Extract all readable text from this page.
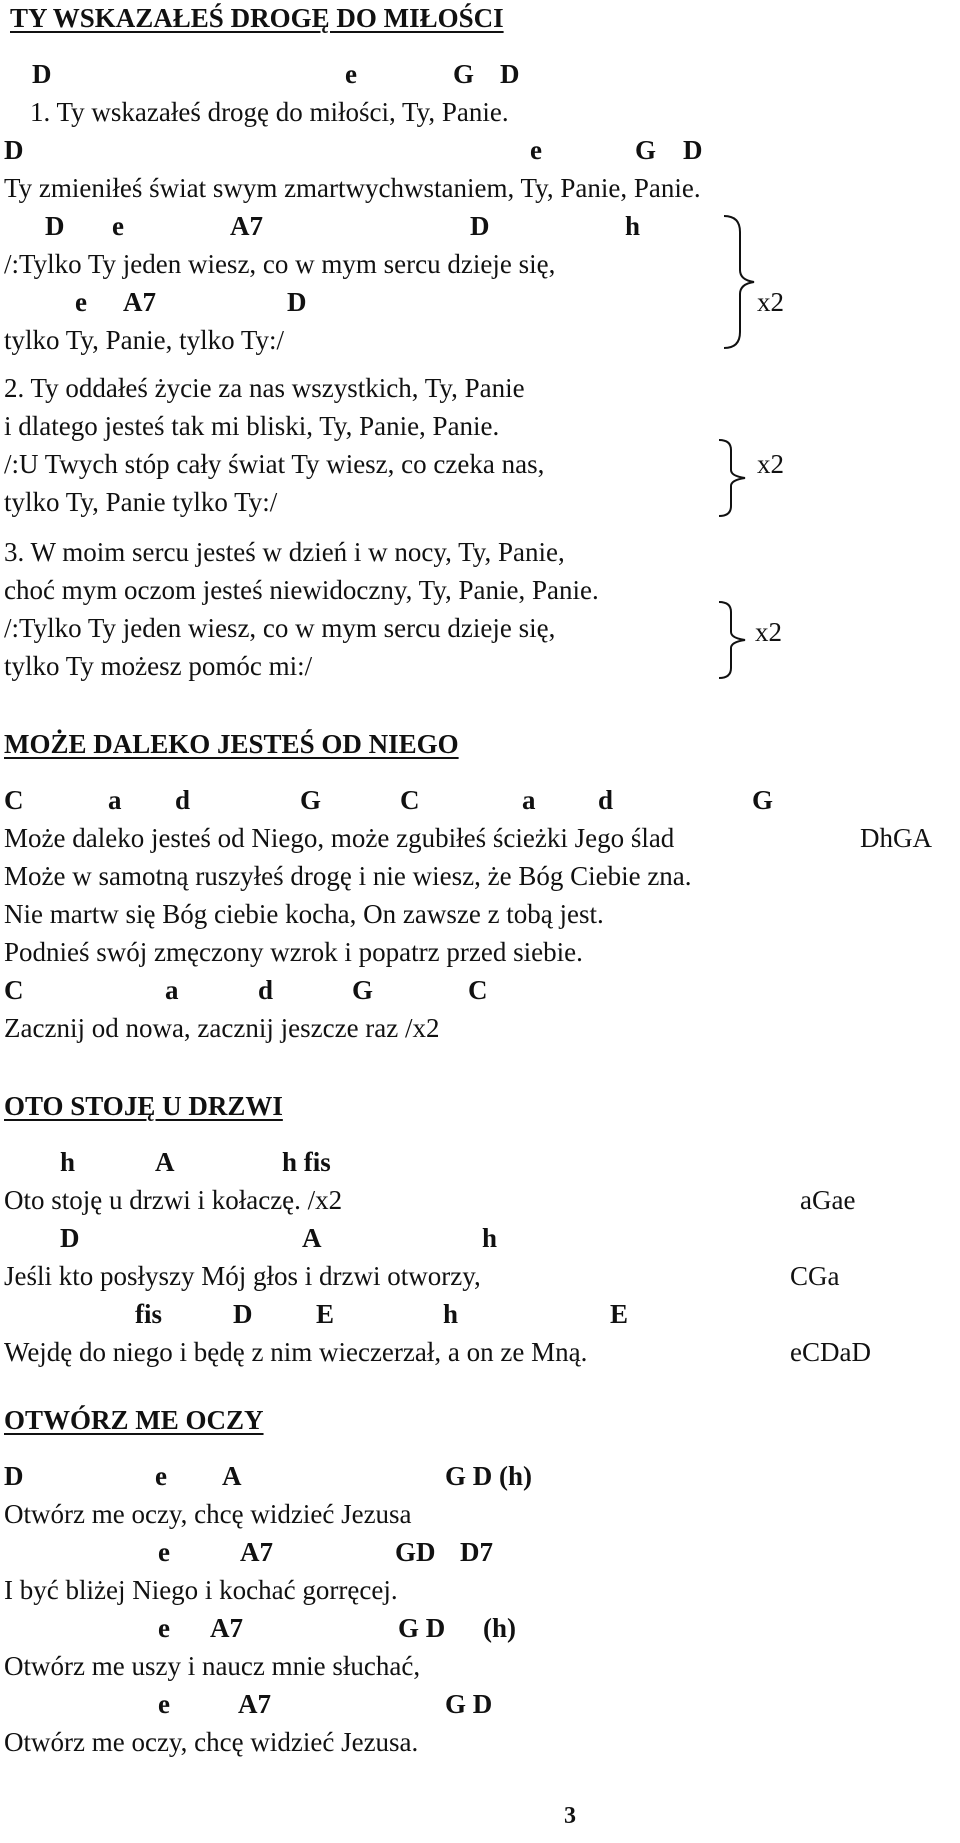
TY WSKAZAŁEŚ DROGĘ DO MIŁOŚCI
D	e	G D
1. Ty wskazałeś drogę do miłości, Ty, Panie.
D	e	G D
Ty zmieniłeś świat swym zmartwychwstaniem, Ty, Panie, Panie.
D e	A7	D	h
/:Tylko Ty jeden wiesz, co w mym sercu dzieje się,
e A7	D
tylko Ty, Panie, tylko Ty:/
x2
2. Ty oddałeś życie za nas wszystkich, Ty, Panie
i dlatego jesteś tak mi bliski, Ty, Panie, Panie.
/:U Twych stóp cały świat Ty wiesz, co czeka nas,
tylko Ty, Panie tylko Ty:/
x2
3. W moim sercu jesteś w dzień i w nocy, Ty, Panie,
choć mym oczom jesteś niewidoczny, Ty, Panie, Panie.
/:Tylko Ty jeden wiesz, co w mym sercu dzieje się,
tylko Ty możesz pomóc mi:/
x2
MOŻE DALEKO JESTEŚ OD NIEGO
C	a d	G	C	a d	G
Może daleko jesteś od Niego, może zgubiłeś ścieżki Jego ślad	DhGA
Może w samotną ruszyłeś drogę i nie wiesz, że Bóg Ciebie zna.
Nie martw się Bóg ciebie kocha, On zawsze z tobą jest.
Podnieś swój zmęczony wzrok i popatrz przed siebie.
C	a	d	G	C
Zacznij od nowa, zacznij jeszcze raz /x2
OTO STOJĘ U DRZWI
h	A	h fis
Oto stoję u drzwi i kołaczę. /x2	aGae
D	A	h
Jeśli kto posłyszy Mój głos i drzwi otworzy,	CGa
fis	D E	h	E
Wejdę do niego i będę z nim wieczerzał, a on ze Mną.	eCDaD
OTWÓRZ ME OCZY
D	e A	G D (h)
Otwórz me oczy, chcę widzieć Jezusa
e	A7	GD D7
I być bliżej Niego i kochać gorręcej.
e A7	G D (h)
Otwórz me uszy i naucz mnie słuchać,
e	A7	G D
Otwórz me oczy, chcę widzieć Jezusa.
3
